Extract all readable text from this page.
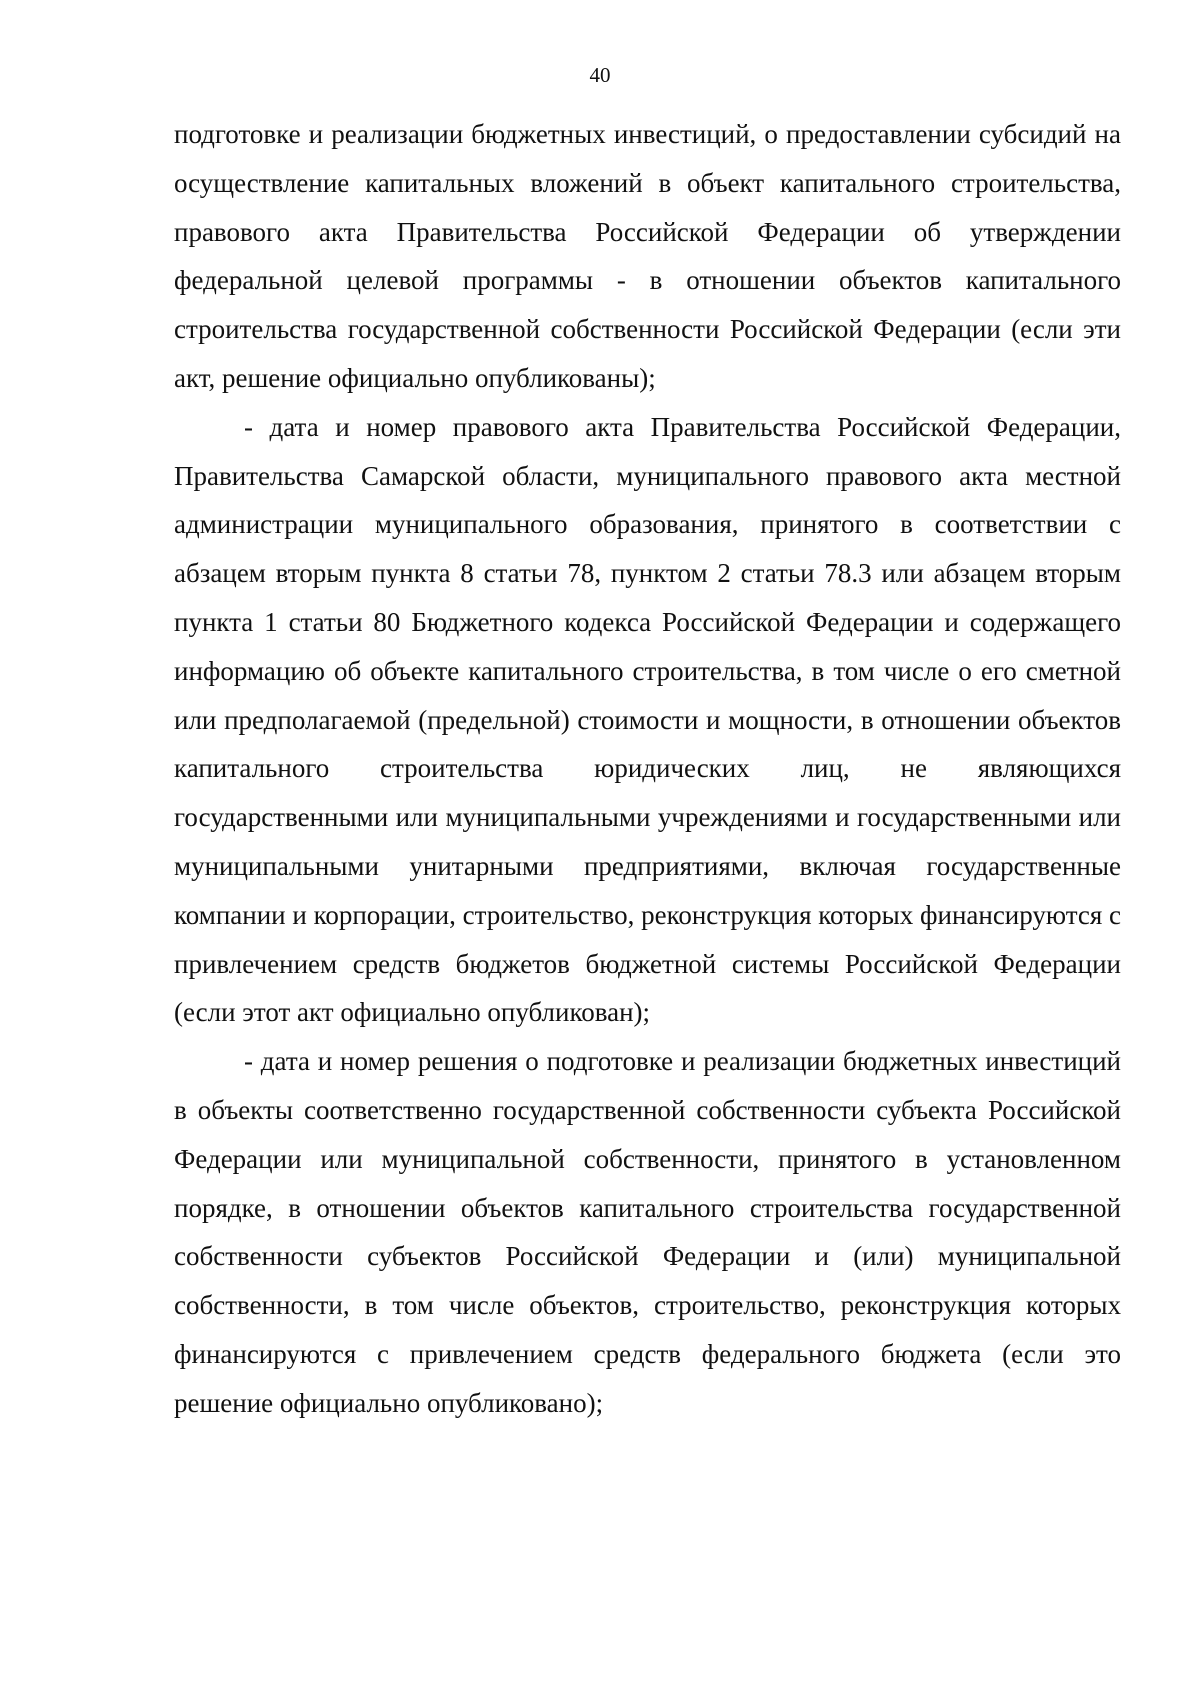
40

подготовке и реализации бюджетных инвестиций, о предоставлении субсидий на осуществление капитальных вложений в объект капитального строительства, правового акта Правительства Российской Федерации об утверждении федеральной целевой программы - в отношении объектов капитального строительства государственной собственности Российской Федерации (если эти акт, решение официально опубликованы);

- дата и номер правового акта Правительства Российской Федерации, Правительства Самарской области, муниципального правового акта местной администрации муниципального образования, принятого в соответствии с абзацем вторым пункта 8 статьи 78, пунктом 2 статьи 78.3 или абзацем вторым пункта 1 статьи 80 Бюджетного кодекса Российской Федерации и содержащего информацию об объекте капитального строительства, в том числе о его сметной или предполагаемой (предельной) стоимости и мощности, в отношении объектов капитального строительства юридических лиц, не являющихся государственными или муниципальными учреждениями и государственными или муниципальными унитарными предприятиями, включая государственные компании и корпорации, строительство, реконструкция которых финансируются с привлечением средств бюджетов бюджетной системы Российской Федерации (если этот акт официально опубликован);

- дата и номер решения о подготовке и реализации бюджетных инвестиций в объекты соответственно государственной собственности субъекта Российской Федерации или муниципальной собственности, принятого в установленном порядке, в отношении объектов капитального строительства государственной собственности субъектов Российской Федерации и (или) муниципальной собственности, в том числе объектов, строительство, реконструкция которых финансируются с привлечением средств федерального бюджета (если это решение официально опубликовано);
